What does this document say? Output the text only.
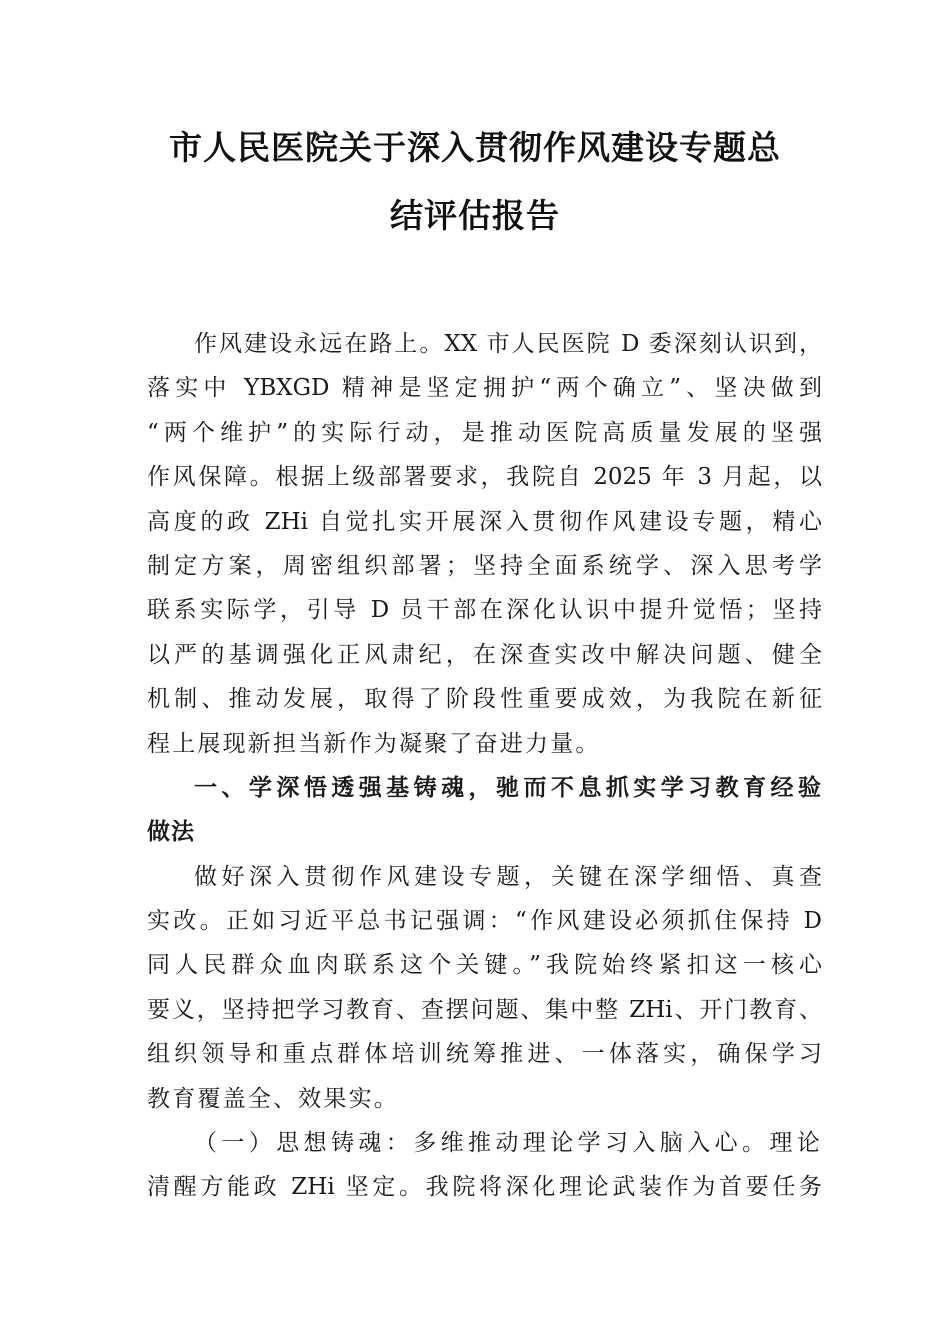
市人民医院关于深入贯彻作风建设专题总
结评估报告
作风建设永远在路上。XX 市人民医院 D 委深刻认识到，
落实中 YBXGD 精神是坚定拥护“两个确立”、坚决做到
“两个维护”的实际行动，是推动医院高质量发展的坚强
作风保障。根据上级部署要求，我院自 2025 年 3 月起，以
高度的政 ZHi 自觉扎实开展深入贯彻作风建设专题，精心
制定方案，周密组织部署；坚持全面系统学、深入思考学
联系实际学，引导 D 员干部在深化认识中提升觉悟；坚持
以严的基调强化正风肃纪，在深查实改中解决问题、健全
机制、推动发展，取得了阶段性重要成效，为我院在新征
程上展现新担当新作为凝聚了奋进力量。
一、学深悟透强基铸魂，驰而不息抓实学习教育经验
做法
做好深入贯彻作风建设专题，关键在深学细悟、真查
实改。正如习近平总书记强调：“作风建设必须抓住保持 D
同人民群众血肉联系这个关键。”我院始终紧扣这一核心
要义，坚持把学习教育、查摆问题、集中整 ZHi、开门教育、
组织领导和重点群体培训统筹推进、一体落实，确保学习
教育覆盖全、效果实。
（一）思想铸魂：多维推动理论学习入脑入心。理论
清醒方能政 ZHi 坚定。我院将深化理论武装作为首要任务
